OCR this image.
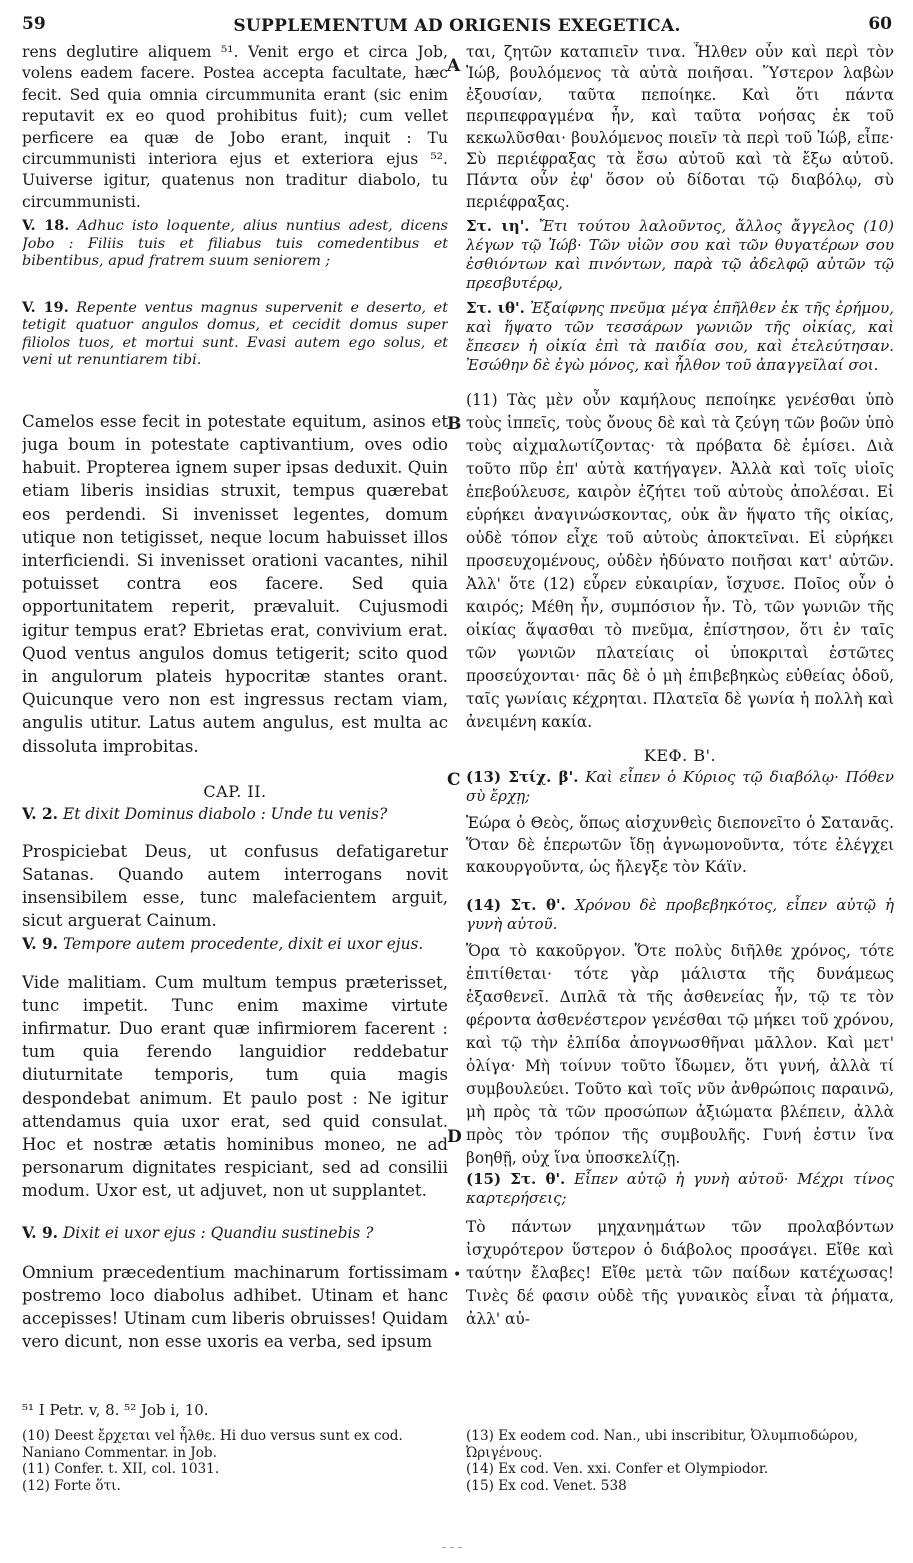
59	SUPPLEMENTUM AD ORIGENIS EXEGETICA.	60

rens deglutire aliquem ⁵¹. Venit ergo et circa Job, volens eadem facere. Postea accepta facultate, hæc fecit. Sed quia omnia circummunita erant (sic enim reputavit ex eo quod prohibitus fuit); cum vellet perficere ea quæ de Jobo erant, inquit : Tu circummunisti interiora ejus et exteriora ejus ⁵². Uuiverse igitur, quatenus non traditur diabolo, tu circummunisti.

V. 18. Adhuc isto loquente, alius nuntius adest, dicens Jobo : Filiis tuis et filiabus tuis comedentibus et bibentibus, apud fratrem suum seniorem ;

V. 19. Repente ventus magnus supervenit e deserto, et tetigit quatuor angulos domus, et cecidit domus super filiolos tuos, et mortui sunt. Evasi autem ego solus, et veni ut renuntiarem tibi.

Camelos esse fecit in potestate equitum, asinos et juga boum in potestate captivantium, oves odio habuit. Propterea ignem super ipsas deduxit. Quin etiam liberis insidias struxit, tempus quærebat eos perdendi. Si invenisset legentes, domum utique non tetigisset, neque locum habuisset illos interficiendi. Si invenisset orationi vacantes, nihil potuisset contra eos facere. Sed quia opportunitatem reperit, prævaluit. Cujusmodi igitur tempus erat? Ebrietas erat, convivium erat. Quod ventus angulos domus tetigerit; scito quod in angulorum plateis hypocritæ stantes orant. Quicunque vero non est ingressus rectam viam, angulis utitur. Latus autem angulus, est multa ac dissoluta improbitas.

CAP. II.

V. 2. Et dixit Dominus diabolo : Unde tu venis?

Prospiciebat Deus, ut confusus defatigaretur Satanas. Quando autem interrogans novit insensibilem esse, tunc malefacientem arguit, sicut arguerat Cainum.

V. 9. Tempore autem procedente, dixit ei uxor ejus.

Vide malitiam. Cum multum tempus præterisset, tunc impetit. Tunc enim maxime virtute infirmatur. Duo erant quæ infirmiorem facerent : tum quia ferendo languidior reddebatur diuturnitate temporis, tum quia magis despondebat animum. Et paulo post : Ne igitur attendamus quia uxor erat, sed quid consulat. Hoc et nostræ ætatis hominibus moneo, ne ad personarum dignitates respiciant, sed ad consilii modum. Uxor est, ut adjuvet, non ut supplantet.

V. 9. Dixit ei uxor ejus : Quandiu sustinebis ?

Omnium præcedentium machinarum fortissimam postremo loco diabolus adhibet. Utinam et hanc accepisses! Utinam cum liberis obruisses! Quidam vero dicunt, non esse uxoris ea verba, sed ipsum

ται, ζητῶν καταπιεῖν τινα. Ἦλθεν οὖν καὶ περὶ τὸν Ἰώβ, βουλόμενος τὰ αὐτὰ ποιῆσαι. Ὕστερον λαβὼν ἐξουσίαν, ταῦτα πεποίηκε. Καὶ ὅτι πάντα περιπεφραγμένα ἦν, καὶ ταῦτα νοήσας ἐκ τοῦ κεκωλῦσθαι· βουλόμενος ποιεῖν τὰ περὶ τοῦ Ἰώβ, εἶπε· Σὺ περιέφραξας τὰ ἔσω αὐτοῦ καὶ τὰ ἔξω αὐτοῦ. Πάντα οὖν ἐφ' ὅσον οὐ δίδοται τῷ διαβόλῳ, σὺ περιέφραξας.

Στ. ιη'. Ἔτι τούτου λαλοῦντος, ἄλλος ἄγγελος (10) λέγων τῷ Ἰώβ· Τῶν υἱῶν σου καὶ τῶν θυγατέρων σου ἐσθιόντων καὶ πινόντων, παρὰ τῷ ἀδελφῷ αὐτῶν τῷ πρεσβυτέρῳ,

Στ. ιθ'. Ἐξαίφνης πνεῦμα μέγα ἐπῆλθεν ἐκ τῆς ἐρήμου, καὶ ἥψατο τῶν τεσσάρων γωνιῶν τῆς οἰκίας, καὶ ἔπεσεν ἡ οἰκία ἐπὶ τὰ παιδία σου, καὶ ἐτελεύτησαν. Ἐσώθην δὲ ἐγὼ μόνος, καὶ ἦλθον τοῦ ἀπαγγεῖλαί σοι.

(11) Τὰς μὲν οὖν καμήλους πεποίηκε γενέσθαι ὑπὸ τοὺς ἱππεῖς, τοὺς ὄνους δὲ καὶ τὰ ζεύγη τῶν βοῶν ὑπὸ τοὺς αἰχμαλωτίζοντας· τὰ πρόβατα δὲ ἐμίσει. Διὰ τοῦτο πῦρ ἐπ' αὐτὰ κατήγαγεν. Ἀλλὰ καὶ τοῖς υἱοῖς ἐπεβούλευσε, καιρὸν ἐζήτει τοῦ αὐτοὺς ἀπολέσαι. Εἰ εὑρήκει ἀναγινώσκοντας, οὐκ ἂν ἥψατο τῆς οἰκίας, οὐδὲ τόπον εἶχε τοῦ αὐτοὺς ἀποκτεῖναι. Εἰ εὑρήκει προσευχομένους, οὐδὲν ἠδύνατο ποιῆσαι κατ' αὐτῶν. Ἀλλ' ὅτε (12) εὗρεν εὐκαιρίαν, ἴσχυσε. Ποῖος οὖν ὁ καιρός; Μέθη ἦν, συμπόσιον ἦν. Τὸ, τῶν γωνιῶν τῆς οἰκίας ἅψασθαι τὸ πνεῦμα, ἐπίστησον, ὅτι ἐν ταῖς τῶν γωνιῶν πλατείαις οἱ ὑποκριταὶ ἑστῶτες προσεύχονται· πᾶς δὲ ὁ μὴ ἐπιβεβηκὼς εὐθείας ὁδοῦ, ταῖς γωνίαις κέχρηται. Πλατεῖα δὲ γωνία ἡ πολλὴ καὶ ἀνειμένη κακία.

ΚΕΦ. Β'.

(13) Στίχ. β'. Καὶ εἶπεν ὁ Κύριος τῷ διαβόλῳ· Πόθεν σὺ ἔρχῃ;

Ἑώρα ὁ Θεὸς, ὅπως αἰσχυνθεὶς διεπονεῖτο ὁ Σατανᾶς. Ὅταν δὲ ἐπερωτῶν ἴδῃ ἀγνωμονοῦντα, τότε ἐλέγχει κακουργοῦντα, ὡς ἤλεγξε τὸν Κάϊν.

(14) Στ. θ'. Χρόνου δὲ προβεβηκότος, εἶπεν αὐτῷ ἡ γυνὴ αὐτοῦ.

Ὅρα τὸ κακοῦργον. Ὅτε πολὺς διῆλθε χρόνος, τότε ἐπιτίθεται· τότε γὰρ μάλιστα τῆς δυνάμεως ἐξασθενεῖ. Διπλᾶ τὰ τῆς ἀσθενείας ἦν, τῷ τε τὸν φέροντα ἀσθενέστερον γενέσθαι τῷ μήκει τοῦ χρόνου, καὶ τῷ τὴν ἐλπίδα ἀπογνωσθῆναι μᾶλλον. Καὶ μετ' ὀλίγα· Μὴ τοίνυν τοῦτο ἴδωμεν, ὅτι γυνή, ἀλλὰ τί συμβουλεύει. Τοῦτο καὶ τοῖς νῦν ἀνθρώποις παραινῶ, μὴ πρὸς τὰ τῶν προσώπων ἀξιώματα βλέπειν, ἀλλὰ πρὸς τὸν τρόπον τῆς συμβουλῆς. Γυνή ἐστιν ἵνα βοηθῇ, οὐχ ἵνα ὑποσκελίζῃ.

(15) Στ. θ'. Εἶπεν αὐτῷ ἡ γυνὴ αὐτοῦ· Μέχρι τίνος καρτερήσεις;

Τὸ πάντων μηχανημάτων τῶν προλαβόντων ἰσχυρότερον ὕστερον ὁ διάβολος προσάγει. Εἴθε καὶ ταύτην ἔλαβες! Εἴθε μετὰ τῶν παίδων κατέχωσας! Τινὲς δέ φασιν οὐδὲ τῆς γυναικὸς εἶναι τὰ ῥήματα, ἀλλ' αὐ-

A
B
C
D
•

⁵¹ I Petr. v, 8. ⁵² Job i, 10.

(10) Deest ἔρχεται vel ἦλθε. Hi duo versus sunt ex cod. Naniano Commentar. in Job.

(11) Confer. t. XII, col. 1031.

(12) Forte ὅτι.

(13) Ex eodem cod. Nan., ubi inscribitur, Ὀλυμπιοδώρου, Ὠριγένους.

(14) Ex cod. Ven. xxi. Confer et Olympiodor.

(15) Ex cod. Venet. 538

‑ ‑ ‑
